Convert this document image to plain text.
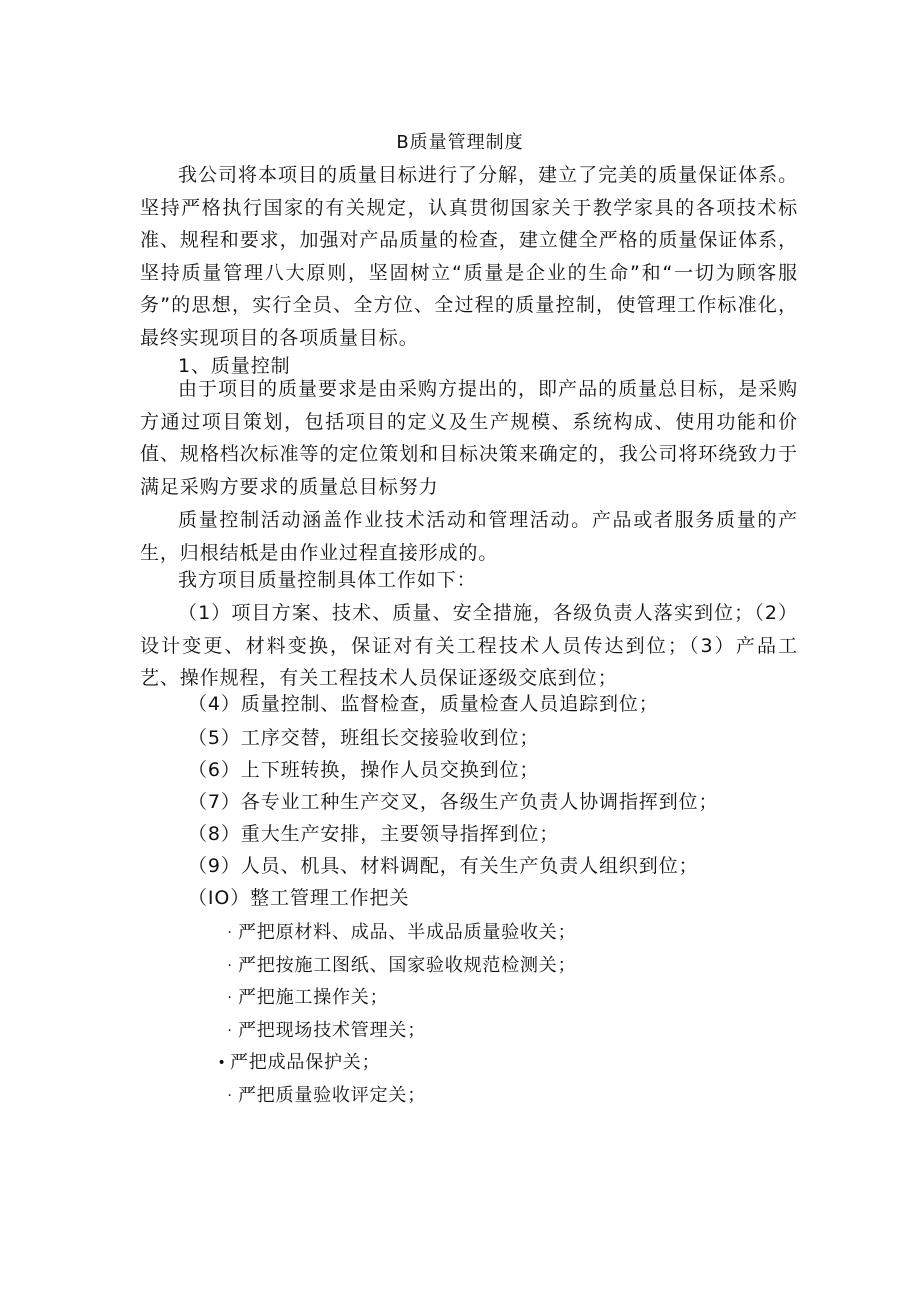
B质量管理制度

我公司将本项目的质量目标进行了分解，建立了完美的质量保证体系。坚持严格执行国家的有关规定，认真贯彻国家关于教学家具的各项技术标准、规程和要求，加强对产品质量的检查，建立健全严格的质量保证体系，坚持质量管理八大原则，坚固树立“质量是企业的生命”和“一切为顾客服务”的思想，实行全员、全方位、全过程的质量控制，使管理工作标准化，最终实现项目的各项质量目标。

1、质量控制

由于项目的质量要求是由采购方提出的，即产品的质量总目标，是采购方通过项目策划，包括项目的定义及生产规模、系统构成、使用功能和价值、规格档次标准等的定位策划和目标决策来确定的，我公司将环绕致力于满足采购方要求的质量总目标努力

质量控制活动涵盖作业技术活动和管理活动。产品或者服务质量的产生，归根结柢是由作业过程直接形成的。

我方项目质量控制具体工作如下：

（1）项目方案、技术、质量、安全措施，各级负责人落实到位；（2）设计变更、材料变换，保证对有关工程技术人员传达到位；（3）产品工艺、操作规程，有关工程技术人员保证逐级交底到位；

（4）质量控制、监督检查，质量检查人员追踪到位；
（5）工序交替，班组长交接验收到位；
（6）上下班转换，操作人员交换到位；
（7）各专业工种生产交叉，各级生产负责人协调指挥到位；
（8）重大生产安排，主要领导指挥到位；
（9）人员、机具、材料调配，有关生产负责人组织到位；
（IO）整工管理工作把关
· 严把原材料、成品、半成品质量验收关；
· 严把按施工图纸、国家验收规范检测关；
· 严把施工操作关；
· 严把现场技术管理关；
• 严把成品保护关；
· 严把质量验收评定关；
